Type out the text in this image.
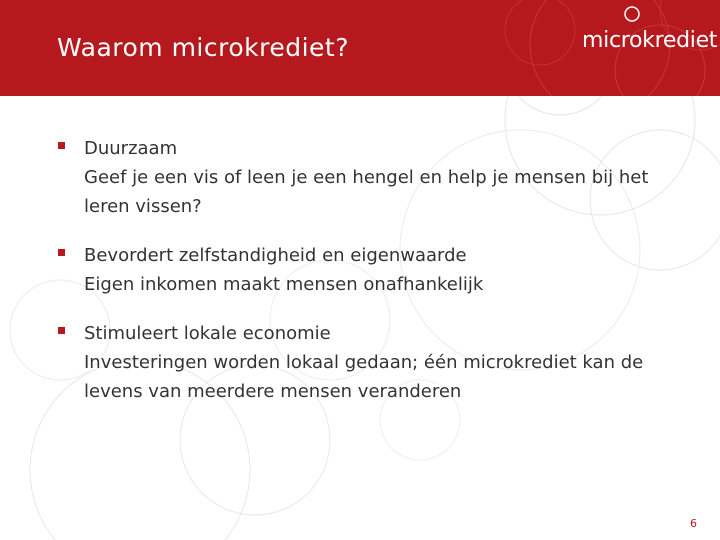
Waarom microkrediet?	microkrediet
Duurzaam
Geef je een vis of leen je een hengel en help je mensen bij het leren vissen?
Bevordert zelfstandigheid en eigenwaarde
Eigen inkomen maakt mensen onafhankelijk
Stimuleert lokale economie
Investeringen worden lokaal gedaan; één microkrediet kan de levens van meerdere mensen veranderen
6
